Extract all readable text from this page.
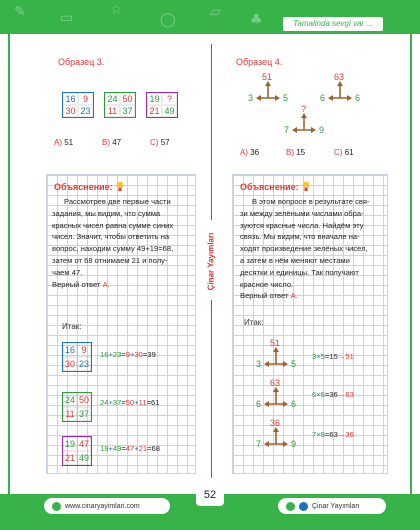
✎ ▭	☆
◯ ▱ ♣	Tamalinda sevgi var ...
Образец 3.
16 9
30 23
24 50
11 37
19 ?
21 49
A) 51	B) 47	C) 57
Объяснение:
Рассмотрев две первые части
задания, мы видим, что сумма
красных чисел равна сумме синих
чисел. Значит, чтобы ответить на
вопрос, находим сумму 49+19=68,
затем от 68 отнимаем 21 и полу-
чаем 47.
Верный ответ A.
Итак:
16 9
30 23
16+23=9+30=39
24 50
11 37
24+37=50+11=61
19 47
21 49
19+49=47+21=68
Çinar Yayımları
Образец 4.
51
3	5
63
6	6
?
7	9
A) 36	B) 15	C) 61
Объяснение:
В этом вопросе в результате свя-
зи между зелёными числами обра-
зуются красные числа. Найдём эту
связь. Мы видим, что вначале на-
ходят произведение зелёных чисел,
а затем в нём меняют местами
десятки и единицы. Так получают
красное число.
Верный ответ A.
Итак:
51
3	5
3×5=15→51
63
6	6
6×6=36→63
36
7	9
7×9=63→36
www.cinaryayimlari.com	Çinar Yayımları
52
